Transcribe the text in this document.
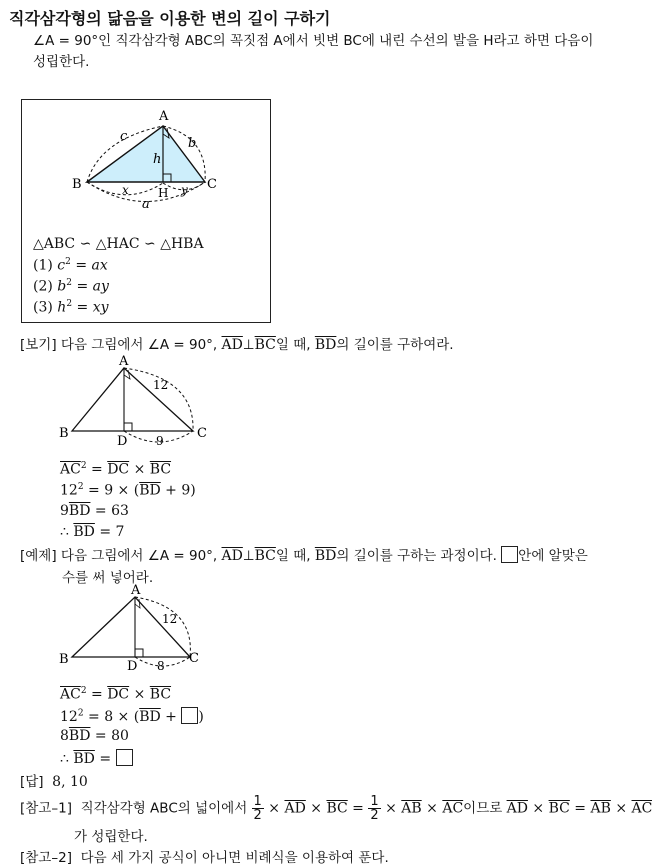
직각삼각형의 닮음을 이용한 변의 길이 구하기
∠A = 90°인 직각삼각형 ABC의 꼭짓점 A에서 빗변 BC에 내린 수선의 발을 H라고 하면 다음이
성립한다.
A
B	C
H
c	b
h
x	y
a
△ABC ∽ △HAC ∽ △HBA
(1) $c^2$ = ax
(2) $b^2$ = ay
(3) $h^2$ = xy
[보기] 다음 그림에서 ∠A = 90°, $\overline{AD}\perp\overline{BC}$일 때, $\overline{BD}$의 길이를 구하여라.
A
B	C
D
12
9
$\overline{AC}^2 = \overline{DC} \times \overline{BC}$
$12^2 = 9 \times (\overline{BD} + 9)$
$9\overline{BD} = 63$
∴ $\overline{BD} = 7$
[예제] 다음 그림에서 ∠A = 90°, $\overline{AD}\perp\overline{BC}$일 때, $\overline{BD}$의 길이를 구하는 과정이다. 안에 알맞은
수를 써 넣어라.
A
B	C
D
12
8
$\overline{AC}^2 = \overline{DC} \times \overline{BC}$
$12^2 = 8 \times (\overline{BD}$ + )
$8\overline{BD} = 80$
∴ $\overline{BD}$ =
[답] 8, 10
[참고–1] 직각삼각형 ABC의 넓이에서 $\frac{1}{2} \times \overline{AD} \times \overline{BC} = \frac{1}{2} \times \overline{AB} \times \overline{AC}$이므로 $\overline{AD} \times \overline{BC} = \overline{AB} \times \overline{AC}$
가 성립한다.
[참고–2] 다음 세 가지 공식이 아니면 비례식을 이용하여 푼다.
